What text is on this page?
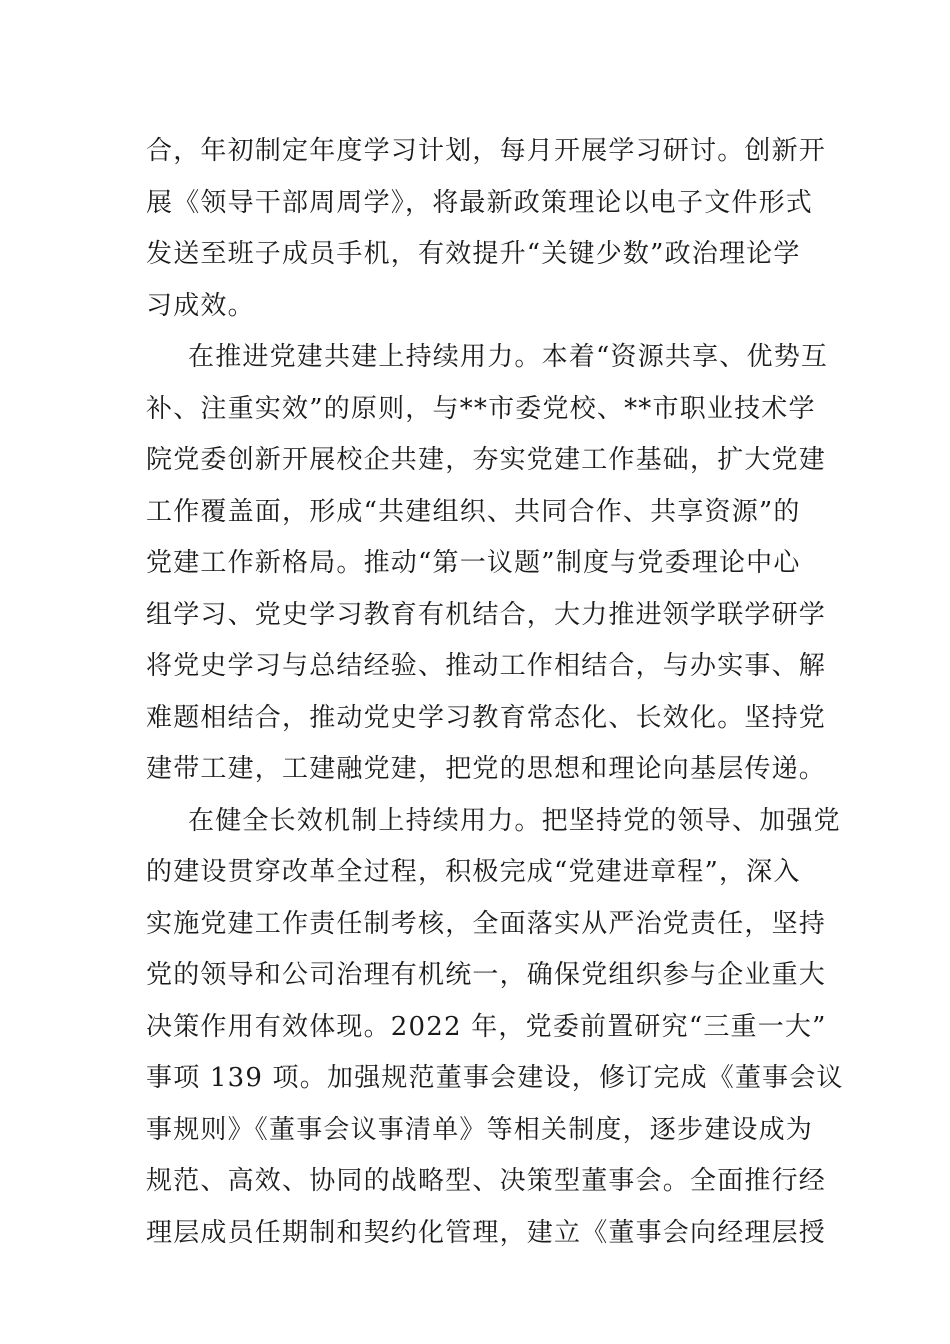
合，年初制定年度学习计划，每月开展学习研讨。创新开
展《领导干部周周学》，将最新政策理论以电子文件形式
发送至班子成员手机，有效提升“关键少数”政治理论学
习成效。
在推进党建共建上持续用力。本着“资源共享、优势互
补、注重实效”的原则，与**市委党校、**市职业技术学
院党委创新开展校企共建，夯实党建工作基础，扩大党建
工作覆盖面，形成“共建组织、共同合作、共享资源”的
党建工作新格局。推动“第一议题”制度与党委理论中心
组学习、党史学习教育有机结合，大力推进领学联学研学
将党史学习与总结经验、推动工作相结合，与办实事、解
难题相结合，推动党史学习教育常态化、长效化。坚持党
建带工建，工建融党建，把党的思想和理论向基层传递。
在健全长效机制上持续用力。把坚持党的领导、加强党
的建设贯穿改革全过程，积极完成“党建进章程”，深入
实施党建工作责任制考核，全面落实从严治党责任，坚持
党的领导和公司治理有机统一，确保党组织参与企业重大
决策作用有效体现。2022 年，党委前置研究“三重一大”
事项 139 项。加强规范董事会建设，修订完成《董事会议
事规则》《董事会议事清单》等相关制度，逐步建设成为
规范、高效、协同的战略型、决策型董事会。全面推行经
理层成员任期制和契约化管理，建立《董事会向经理层授
